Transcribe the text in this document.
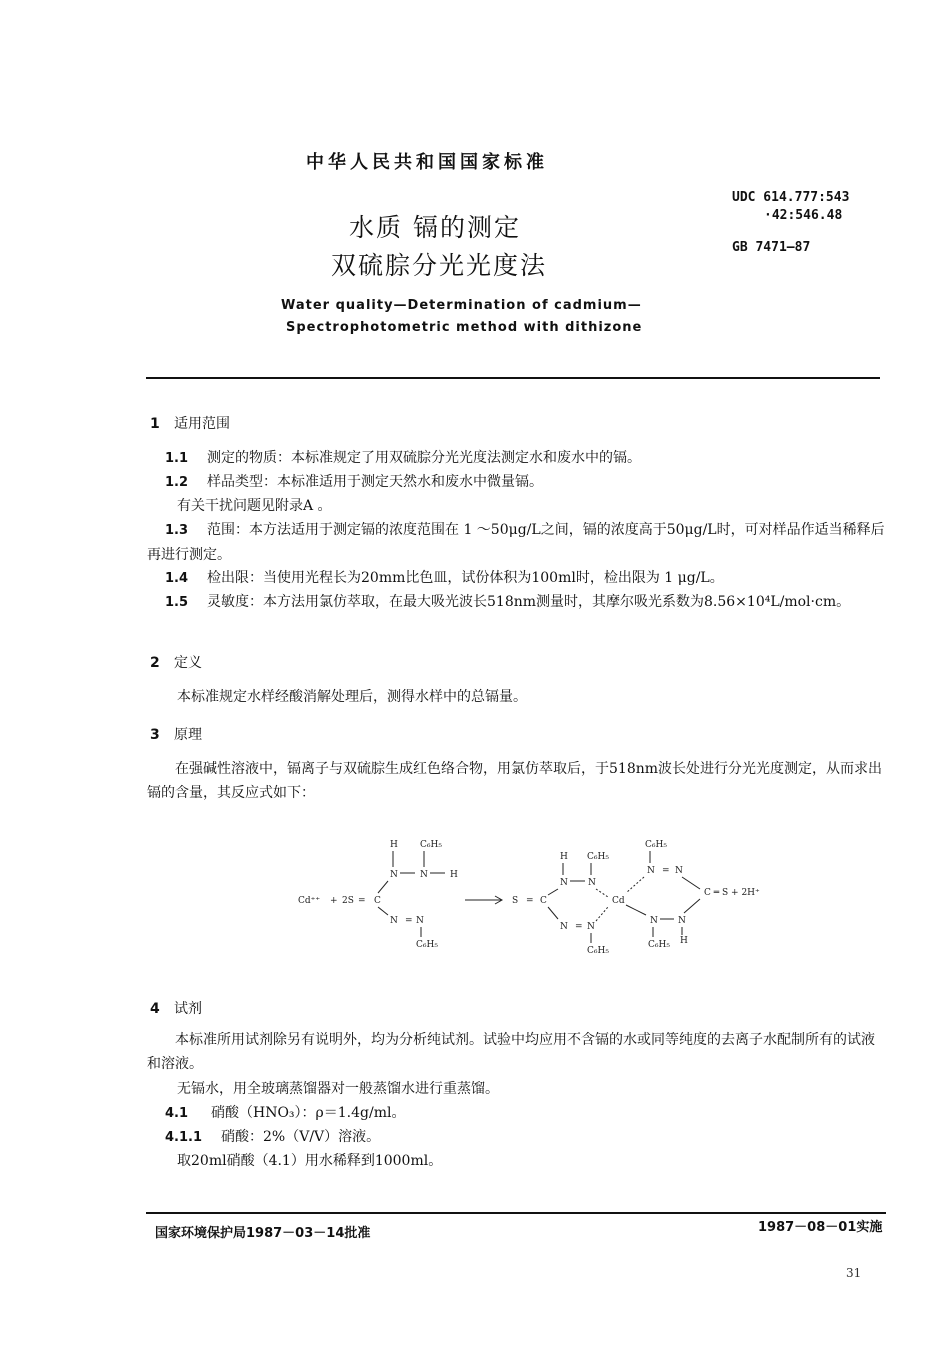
中华人民共和国国家标准
水质 镉的测定
双硫腙分光光度法
UDC 614.777:543
·42:546.48
GB 7471—87
Water quality—Determination of cadmium—
Spectrophotometric method with dithizone
1 适用范围
1.1 测定的物质：本标准规定了用双硫腙分光光度法测定水和废水中的镉。
1.2 样品类型：本标准适用于测定天然水和废水中微量镉。
有关干扰问题见附录A 。
1.3 范围：本方法适用于测定镉的浓度范围在 1 ～50μg/L之间，镉的浓度高于50μg/L时，可对样品作适当稀释后再进行测定。
1.4 检出限：当使用光程长为20mm比色皿，试份体积为100ml时，检出限为 1 μg/L。
1.5 灵敏度：本方法用氯仿萃取，在最大吸光波长518nm测量时，其摩尔吸光系数为8.56×10⁴L/mol·cm。
2 定义
本标准规定水样经酸消解处理后，测得水样中的总镉量。
3 原理
在强碱性溶液中，镉离子与双硫腙生成红色络合物，用氯仿萃取后，于518nm波长处进行分光光度测定，从而求出镉的含量，其反应式如下：
H C₆H₅
N N H
Cd⁺⁺ + 2S = C
N = N
C₆H₅
H C₆H₅
N N
S = C	Cd
N = N
C₆H₅
C₆H₅
N = N
C ═ S + 2H⁺
N N
C₆H₅ H
4 试剂
本标准所用试剂除另有说明外，均为分析纯试剂。试验中均应用不含镉的水或同等纯度的去离子水配制所有的试液和溶液。
无镉水，用全玻璃蒸馏器对一般蒸馏水进行重蒸馏。
4.1 硝酸（HNO₃）：ρ＝1.4g/ml。
4.1.1 硝酸：2%（V/V）溶液。
取20ml硝酸（4.1）用水稀释到1000ml。
国家环境保护局1987－03－14批准	1987－08－01实施
31
